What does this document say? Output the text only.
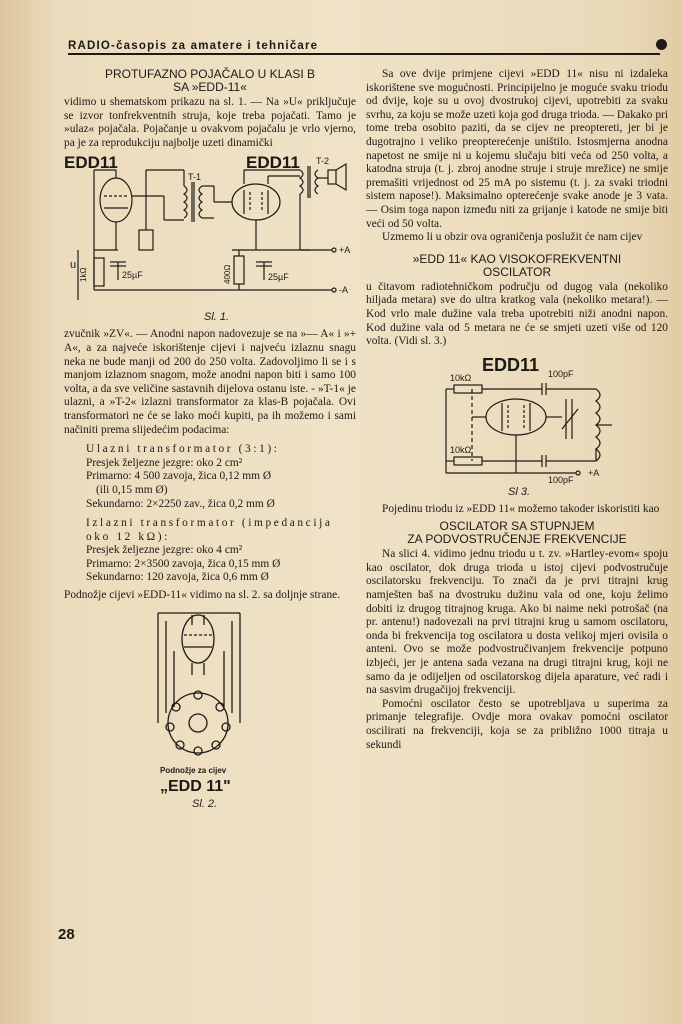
RADIO-časopis za amatere i tehničare
PROTUFAZNO POJAČALO U KLASI B
SA »EDD-11«

vidimo u shematskom prikazu na sl. 1. — Na »U« priključuje se izvor tonfrekventnih struja, koje treba pojačati. Tamo je »ulaz« pojačala. Pojačanje u ovakvom pojačalu je vrlo vjerno, pa je za reprodukciju najbolje uzeti dinamički

EDD11	EDD11
T-1
T-2
u
1kΩ	25µF	400Ω	25µF
+A
-A
Sl. 1.

zvučnik »ZV«. — Anodni napon nadovezuje se na »— A« i »+ A«, a za najveće iskorištenje cijevi i najveću izlaznu snagu neka ne bude manji od 200 do 250 volta. Zadovoljimo li se i s manjom izlaznom snagom, može anodni napon biti i samo 100 volta, a da sve veličine sastavnih dijelova ostanu iste. - »T-1« je ulazni, a »T-2« izlazni transformator za klas-B pojačala. Ovi transformatori ne će se lako moći kupiti, pa ih možemo i sami načiniti prema slijedećim podacima:

Ulazni transformator (3:1):

Presjek željezne jezgre: oko 2 cm²

Primarno: 4 500 zavoja, žica 0,12 mm Ø

(ili 0,15 mm Ø)

Sekundarno: 2×2250 zav., žica 0,2 mm Ø

Izlazni transformator (impedancija oko 12 kΩ):

Presjek željezne jezgre: oko 4 cm²

Primarno: 2×3500 zavoja, žica 0,15 mm Ø

Sekundarno: 120 zavoja, žica 0,6 mm Ø

Podnožje cijevi »EDD-11« vidimo na sl. 2. sa doljnje strane.

Podnožje za cijev
„EDD 11"
Sl. 2.

Sa ove dvije primjene cijevi »EDD 11« nisu ni izdaleka iskorištene sve mogućnosti. Principijelno je moguće svaku triodu od dvije, koje su u ovoj dvostrukoj cijevi, upotrebiti za svaku svrhu, za koju se može uzeti koja god druga trioda. — Dakako pri tome treba osobito paziti, da se cijev ne preoptereti, jer bi je dugotrajno i veliko preopterećenje uništilo. Istosmjerna anodna napetost ne smije ni u kojemu slučaju biti veća od 250 volta, a katodna struja (t. j. zbroj anodne struje i struje mrežice) ne smije premašiti vrijednost od 25 mA po sistemu (t. j. za svaki triodni sistem napose!). Maksimalno opterećenje svake anode je 3 vata. — Osim toga napon između niti za grijanje i katode ne smije biti veći od 50 volta.

Uzmemo li u obzir ova ograničenja poslužit će nam cijev

»EDD 11« KAO VISOKOFREKVENTNI
OSCILATOR

u čitavom radiotehničkom području od dugog vala (nekoliko hiljada metara) sve do ultra kratkog vala (nekoliko metara!). — Kod vrlo male dužine vala treba upotrebiti niži anodni napon. Kod dužine vala od 5 metara ne će se smjeti uzeti više od 120 volta. (Vidi sl. 3.)

EDD11
10kΩ	100pF
10kΩ
100pF
+A
Sl 3.

Pojedinu triodu iz »EDD 11« možemo takoder iskoristiti kao

OSCILATOR SA STUPNJEM
ZA PODVOSTRUČENJE FREKVENCIJE

Na slici 4. vidimo jednu triodu u t. zv. »Hartley-evom« spoju kao oscilator, dok druga trioda u istoj cijevi podvostručuje oscilatorsku frekvenciju. To znači da je prvi titrajni krug namješten baš na dvostruku dužinu vala od one, koju želimo dobiti iz drugog titrajnog kruga. Ako bi naime neki potrošač (na pr. antenu!) nadovezali na prvi titrajni krug u samom oscilatoru, onda bi frekvencija tog oscilatora u dosta velikoj mjeri ovisila o anteni. Ovo se može podvostručivanjem frekvencije potpuno izbjeći, jer je antena sada vezana na drugi titrajni krug, koji ne samo da je odijeljen od oscilatorskog dijela aparature, već radi i na sasvim drugačijoj frekvenciji.

Pomoćni oscilator često se upotrebljava u superima za primanje telegrafije. Ovdje mora ovakav pomoćni oscilator oscilirati na frekvenciji, koja se za približno 1000 titraja u sekundi

28
